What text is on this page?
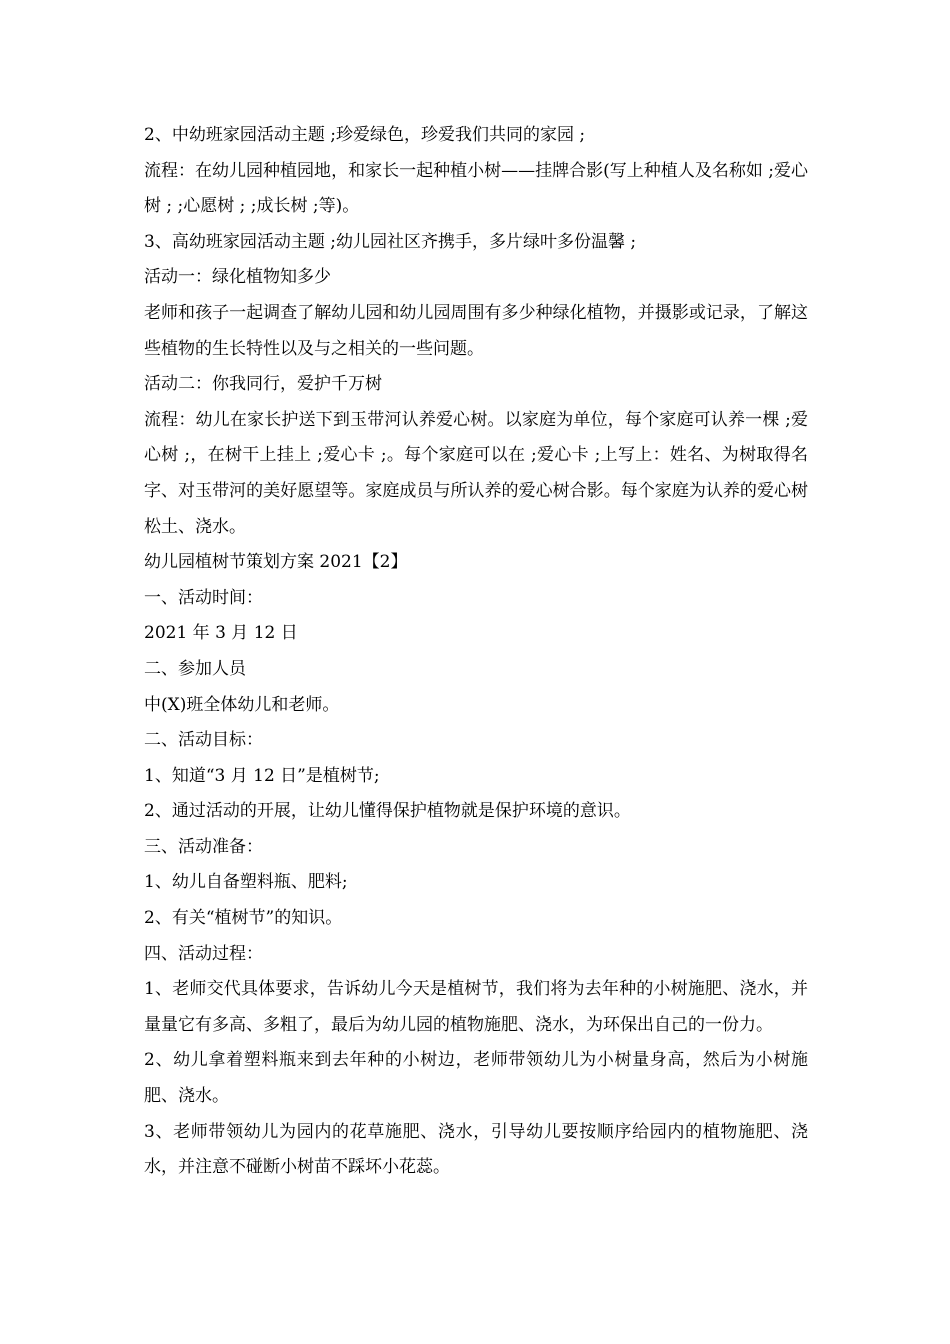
2、中幼班家园活动主题 ;珍爱绿色，珍爱我们共同的家园 ;

流程：在幼儿园种植园地，和家长一起种植小树——挂牌合影(写上种植人及名称如 ;爱心树 ; ;心愿树 ; ;成长树 ;等)。

3、高幼班家园活动主题 ;幼儿园社区齐携手，多片绿叶多份温馨 ;

活动一：绿化植物知多少

老师和孩子一起调查了解幼儿园和幼儿园周围有多少种绿化植物，并摄影或记录，了解这些植物的生长特性以及与之相关的一些问题。

活动二：你我同行，爱护千万树

流程：幼儿在家长护送下到玉带河认养爱心树。以家庭为单位，每个家庭可认养一棵 ;爱心树 ;，在树干上挂上 ;爱心卡 ;。每个家庭可以在 ;爱心卡 ;上写上：姓名、为树取得名字、对玉带河的美好愿望等。家庭成员与所认养的爱心树合影。每个家庭为认养的爱心树松土、浇水。

幼儿园植树节策划方案 2021【2】

一、活动时间：

2021 年 3 月 12 日

二、参加人员

中(X)班全体幼儿和老师。

二、活动目标：

1、知道“3 月 12 日”是植树节;

2、通过活动的开展，让幼儿懂得保护植物就是保护环境的意识。

三、活动准备：

1、幼儿自备塑料瓶、肥料;

2、有关“植树节”的知识。

四、活动过程：

1、老师交代具体要求，告诉幼儿今天是植树节，我们将为去年种的小树施肥、浇水，并量量它有多高、多粗了，最后为幼儿园的植物施肥、浇水，为环保出自己的一份力。

2、幼儿拿着塑料瓶来到去年种的小树边，老师带领幼儿为小树量身高，然后为小树施肥、浇水。

3、老师带领幼儿为园内的花草施肥、浇水，引导幼儿要按顺序给园内的植物施肥、浇水，并注意不碰断小树苗不踩坏小花蕊。
